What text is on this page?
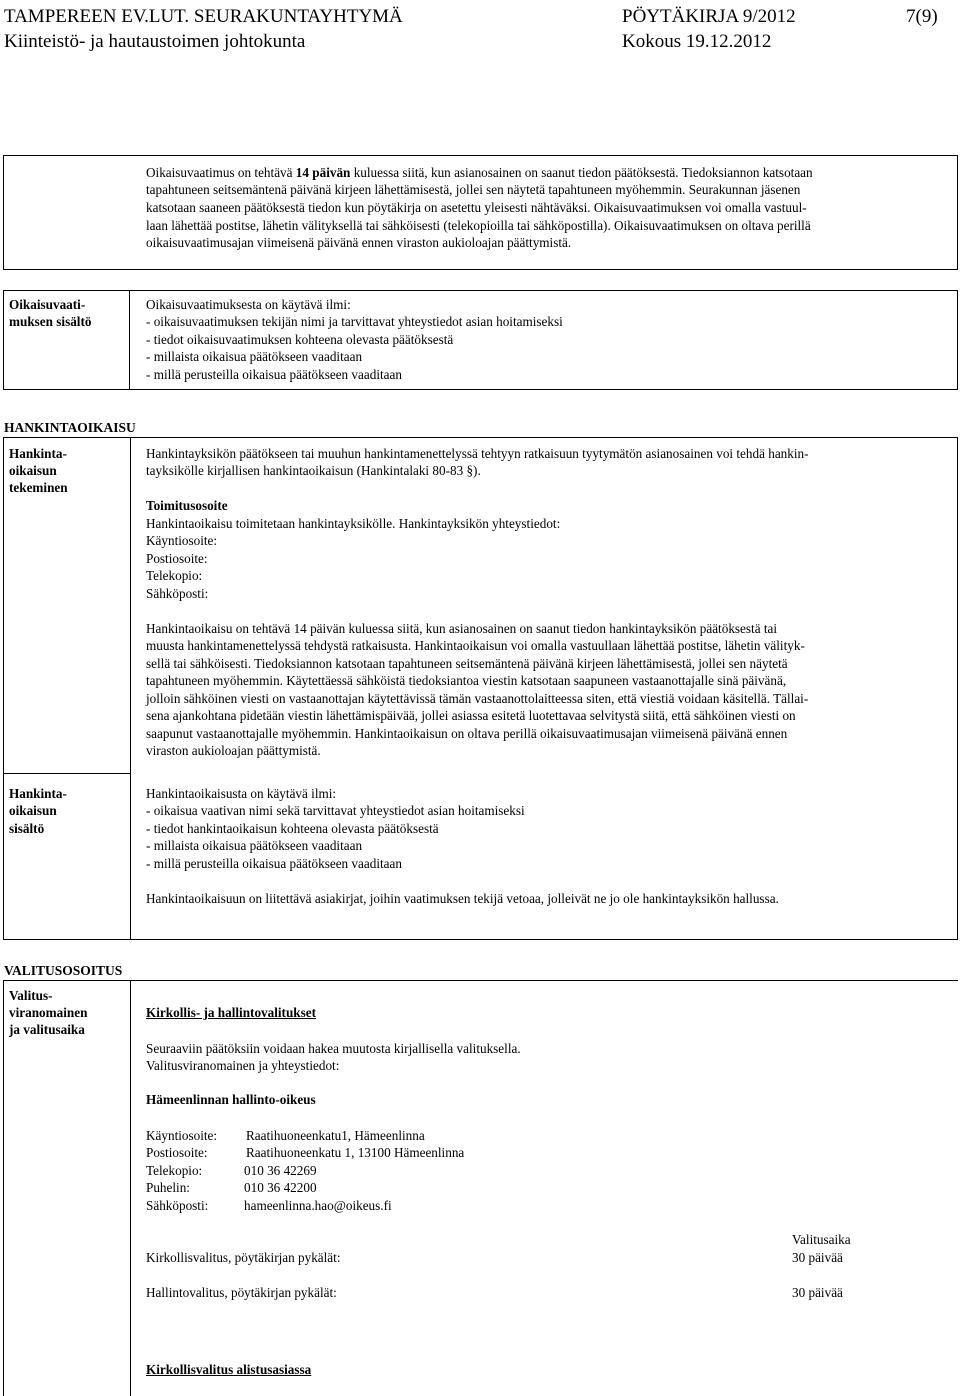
TAMPEREEN EV.LUT. SEURAKUNTAYHTYMÄ	PÖYTÄKIRJA 9/2012	7(9)
Kiinteistö- ja hautaustoimen johtokunta	Kokous 19.12.2012
Oikaisuvaatimus on tehtävä 14 päivän kuluessa siitä, kun asianosainen on saanut tiedon päätöksestä. Tiedoksiannon katsotaan
tapahtuneen seitsemäntenä päivänä kirjeen lähettämisestä, jollei sen näytetä tapahtuneen myöhemmin. Seurakunnan jäsenen
katsotaan saaneen päätöksestä tiedon kun pöytäkirja on asetettu yleisesti nähtäväksi. Oikaisuvaatimuksen voi omalla vastuul-
laan lähettää postitse, lähetin välityksellä tai sähköisesti (telekopioilla tai sähköpostilla). Oikaisuvaatimuksen on oltava perillä
oikaisuvaatimusajan viimeisenä päivänä ennen viraston aukioloajan päättymistä.
Oikaisuvaati-
muksen sisältö
Oikaisuvaatimuksesta on käytävä ilmi:
- oikaisuvaatimuksen tekijän nimi ja tarvittavat yhteystiedot asian hoitamiseksi
- tiedot oikaisuvaatimuksen kohteena olevasta päätöksestä
- millaista oikaisua päätökseen vaaditaan
- millä perusteilla oikaisua päätökseen vaaditaan
HANKINTAOIKAISU
Hankinta-
oikaisun
tekeminen
Hankintayksikön päätökseen tai muuhun hankintamenettelyssä tehtyyn ratkaisuun tyytymätön asianosainen voi tehdä hankin-
tayksikölle kirjallisen hankintaoikaisun (Hankintalaki 80-83 §).
Toimitusosoite
Hankintaoikaisu toimitetaan hankintayksikölle. Hankintayksikön yhteystiedot:
Käyntiosoite:
Postiosoite:
Telekopio:
Sähköposti:
Hankintaoikaisu on tehtävä 14 päivän kuluessa siitä, kun asianosainen on saanut tiedon hankintayksikön päätöksestä tai
muusta hankintamenettelyssä tehdystä ratkaisusta. Hankintaoikaisun voi omalla vastuullaan lähettää postitse, lähetin välityk-
sellä tai sähköisesti. Tiedoksiannon katsotaan tapahtuneen seitsemäntenä päivänä kirjeen lähettämisestä, jollei sen näytetä
tapahtuneen myöhemmin. Käytettäessä sähköistä tiedoksiantoa viestin katsotaan saapuneen vastaanottajalle sinä päivänä,
jolloin sähköinen viesti on vastaanottajan käytettävissä tämän vastaanottolaitteessa siten, että viestiä voidaan käsitellä. Tällai-
sena ajankohtana pidetään viestin lähettämispäivää, jollei asiassa esitetä luotettavaa selvitystä siitä, että sähköinen viesti on
saapunut vastaanottajalle myöhemmin. Hankintaoikaisun on oltava perillä oikaisuvaatimusajan viimeisenä päivänä ennen
viraston aukioloajan päättymistä.
Hankinta-
oikaisun
sisältö
Hankintaoikaisusta on käytävä ilmi:
- oikaisua vaativan nimi sekä tarvittavat yhteystiedot asian hoitamiseksi
- tiedot hankintaoikaisun kohteena olevasta päätöksestä
- millaista oikaisua päätökseen vaaditaan
- millä perusteilla oikaisua päätökseen vaaditaan
Hankintaoikaisuun on liitettävä asiakirjat, joihin vaatimuksen tekijä vetoaa, jolleivät ne jo ole hankintayksikön hallussa.
VALITUSOSOITUS
Valitus-
viranomainen
ja valitusaika
Kirkollis- ja hallintovalitukset
Seuraaviin päätöksiin voidaan hakea muutosta kirjallisella valituksella.
Valitusviranomainen ja yhteystiedot:
Hämeenlinnan hallinto-oikeus
Käyntiosoite: Raatihuoneenkatu1, Hämeenlinna
Postiosoite:	Raatihuoneenkatu 1, 13100 Hämeenlinna
Telekopio:	010 36 42269
Puhelin:	010 36 42200
Sähköposti:	hameenlinna.hao@oikeus.fi
Valitusaika
Kirkollisvalitus, pöytäkirjan pykälät:	30 päivää
Hallintovalitus, pöytäkirjan pykälät:	30 päivää
Kirkollisvalitus alistusasiassa
